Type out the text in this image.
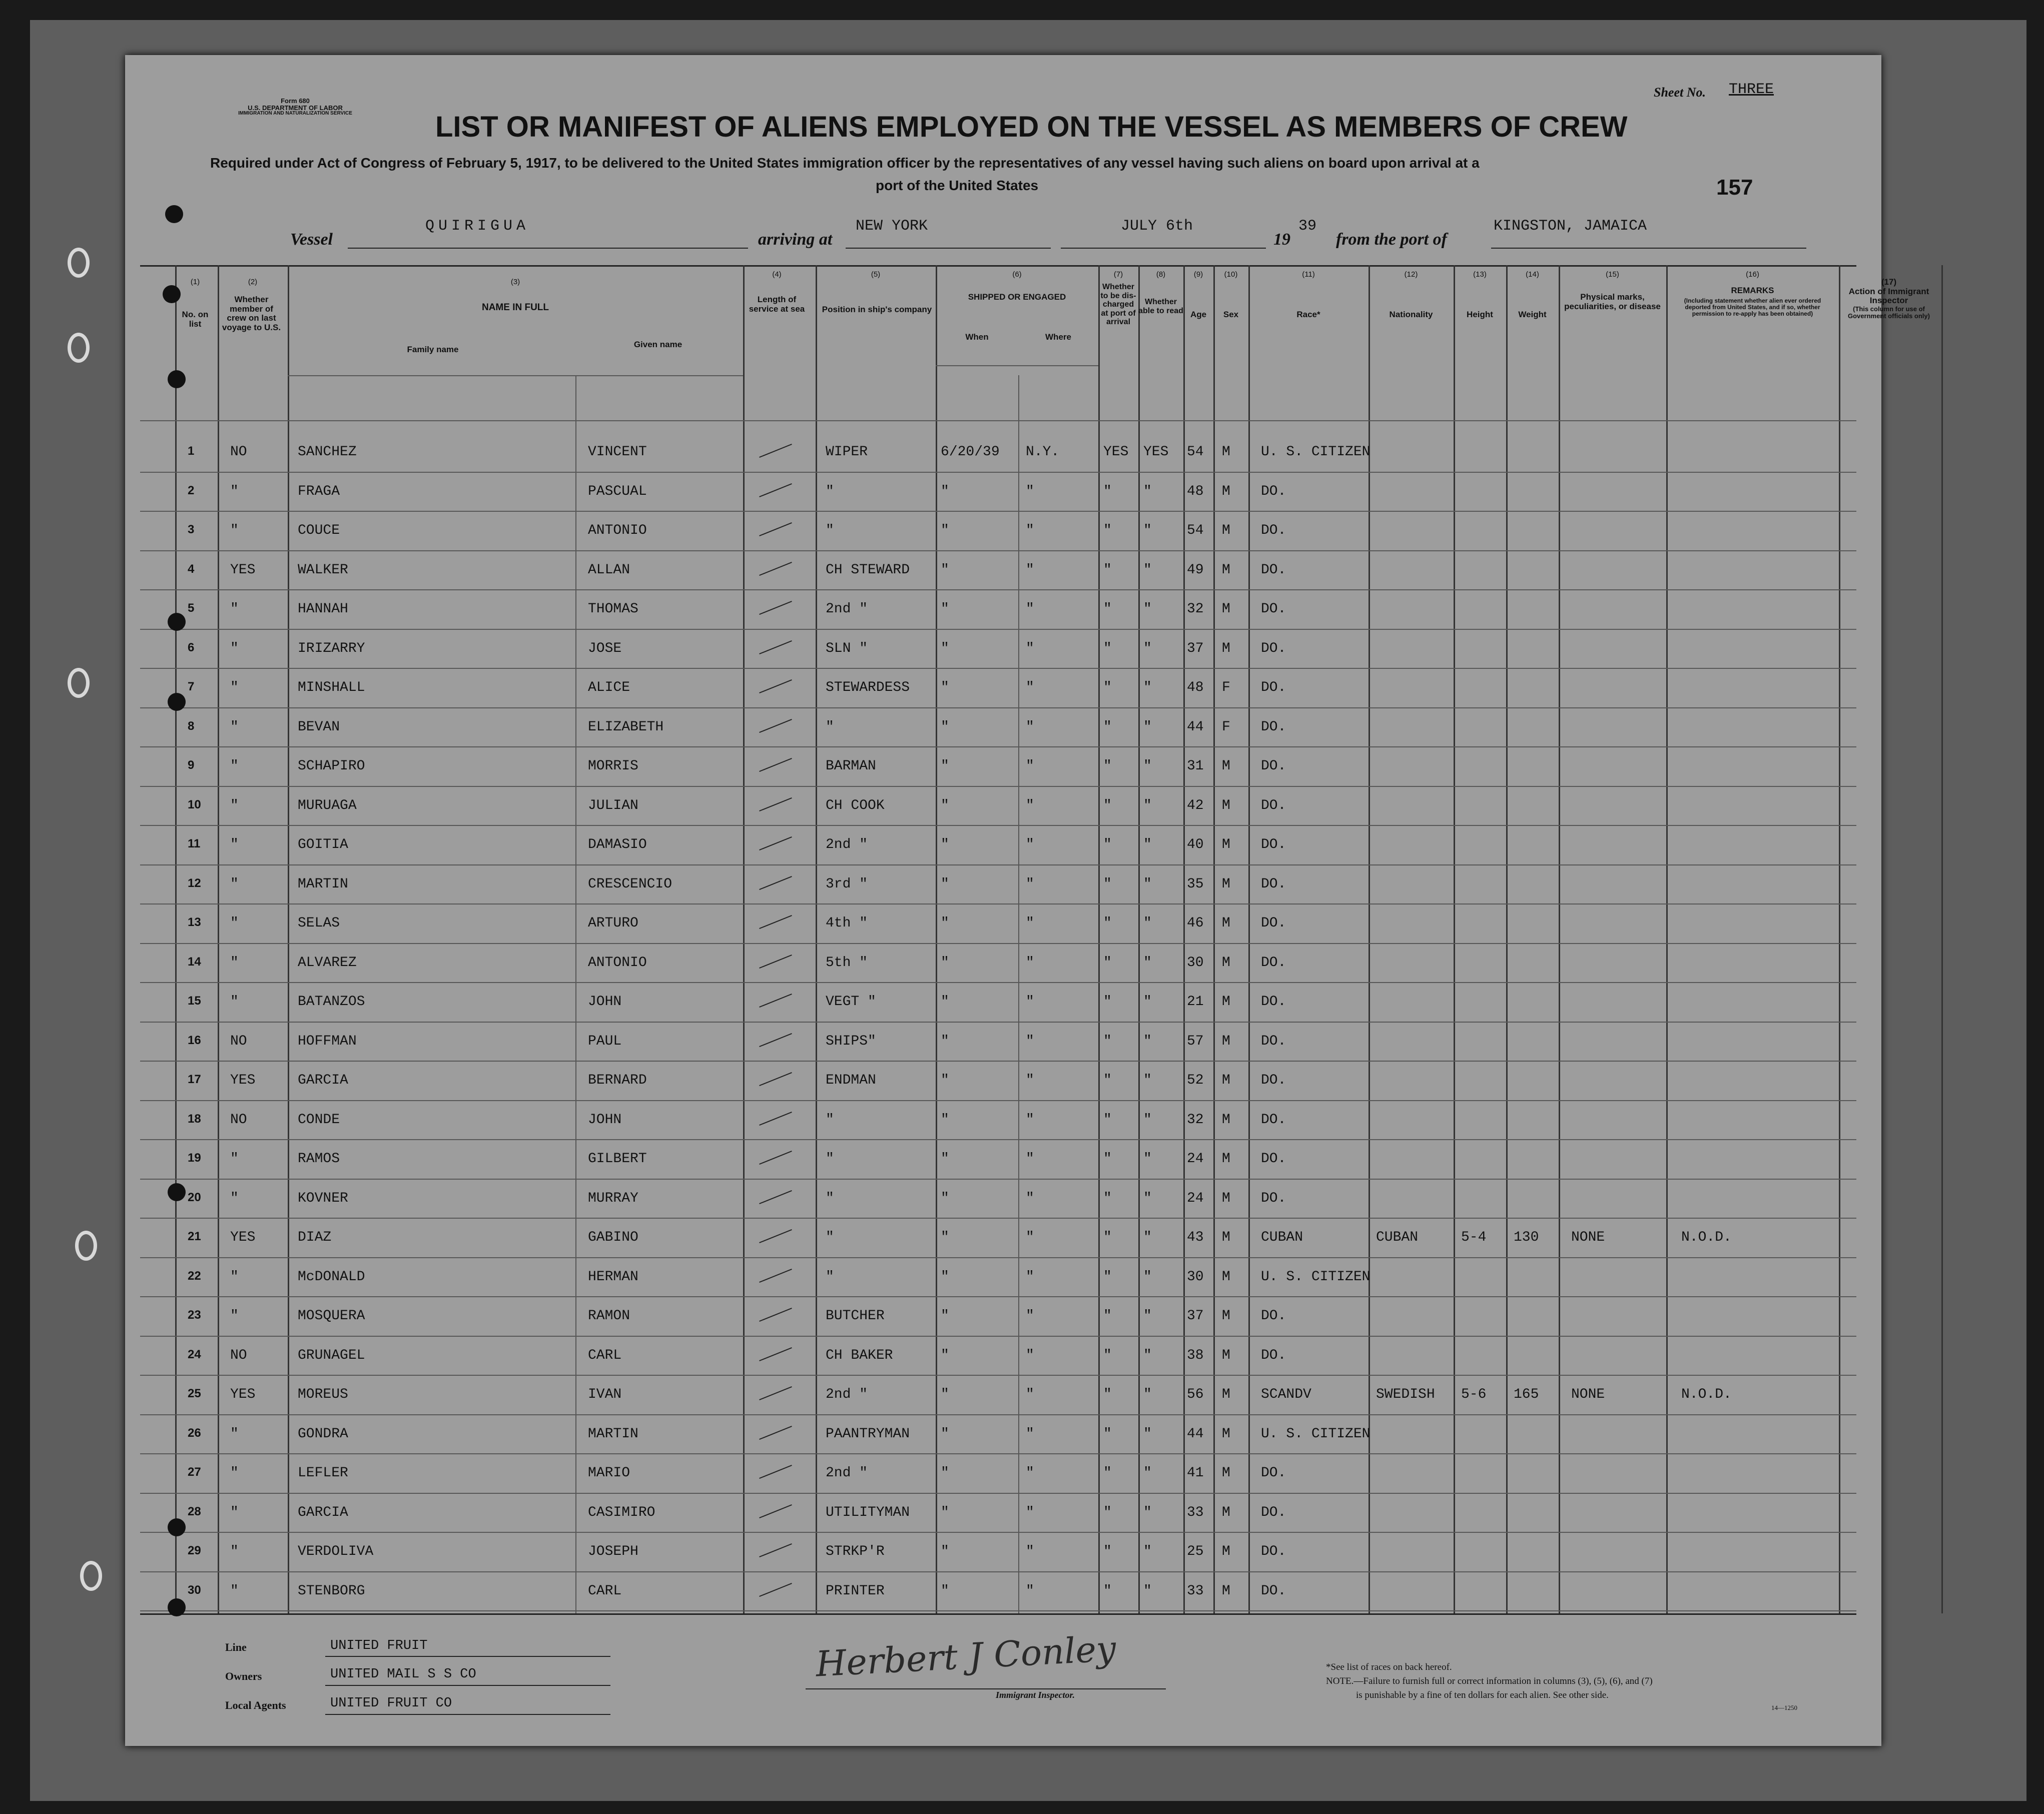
Form 680
U.S. DEPARTMENT OF LABOR
IMMIGRATION AND NATURALIZATION SERVICE
Sheet No. THREE
LIST OR MANIFEST OF ALIENS EMPLOYED ON THE VESSEL AS MEMBERS OF CREW
Required under Act of Congress of February 5, 1917, to be delivered to the United States immigration officer by the representatives of any vessel having such aliens on board upon arrival at a
port of the United States	157
Vessel
QUIRIGUA
arriving at
NEW YORK	JULY 6th
19
39
from the port of
KINGSTON, JAMAICA
(1)
No. on list
(2)
Whether member of crew on last voyage to U.S.
(3)
NAME IN FULL
Family name
Given name
(4)
Length of service at sea
(5)
Position in ship's company
(6)
SHIPPED OR ENGAGED
When	Where
(7)
Whether to be dis-charged at port of arrival
(8)
Whether able to read
(9)
Age
(10)
Sex
(11)
Race*
(12)
Nationality
(13)
Height
(14)
Weight
(15)
Physical marks, peculiarities, or disease
(16)
REMARKS
(Including statement whether alien ever ordered deported from United States, and if so, whether permission to re-apply has been obtained)
1	NO	SANCHEZ	VINCENT	WIPER	6/20/39 N.Y.	YES YES 54 M U. S. CITIZEN
2	"	FRAGA	PASCUAL	"	"	"	" "	48 M DO.
3	"	COUCE	ANTONIO	"	"	"	" "	54 M DO.
4	YES	WALKER	ALLAN	CH STEWARD "	"	" "	49 M DO.
5	"	HANNAH	THOMAS	2nd "	"	"	" "	32 M DO.
6	"	IRIZARRY	JOSE	SLN "	"	"	" "	37 M DO.
7	"	MINSHALL	ALICE	STEWARDESS "	"	" "	48 F DO.
8	"	BEVAN	ELIZABETH	"	"	"	" "	44 F DO.
9	"	SCHAPIRO	MORRIS	BARMAN	"	"	" "	31 M DO.
10 "	MURUAGA	JULIAN	CH COOK	"	"	" "	42 M DO.
11 "	GOITIA	DAMASIO	2nd "	"	"	" "	40 M DO.
12 "	MARTIN	CRESCENCIO	3rd "	"	"	" "	35 M DO.
13 "	SELAS	ARTURO	4th "	"	"	" "	46 M DO.
14 "	ALVAREZ	ANTONIO	5th "	"	"	" "	30 M DO.
15 "	BATANZOS	JOHN	VEGT "	"	"	" "	21 M DO.
16 NO	HOFFMAN	PAUL	SHIPS"	"	"	" "	57 M DO.
17 YES	GARCIA	BERNARD	ENDMAN	"	"	" "	52 M DO.
18 NO	CONDE	JOHN	"	"	"	" "	32 M DO.
19 "	RAMOS	GILBERT	"	"	"	" "	24 M DO.
20 "	KOVNER	MURRAY	"	"	"	" "	24 M DO.
21 YES	DIAZ	GABINO	"	"	"	" "	43 M CUBAN	CUBAN	5-4 130 NONE	N.O.D.
22 "	McDONALD	HERMAN	"	"	"	" "	30 M U. S. CITIZEN
23 "	MOSQUERA	RAMON	BUTCHER	"	"	" "	37 M DO.
24 NO	GRUNAGEL	CARL	CH BAKER	"	"	" "	38 M DO.
25 YES	MOREUS	IVAN	2nd "	"	"	" "	56 M SCANDV	SWEDISH 5-6 165 NONE	N.O.D.
26 "	GONDRA	MARTIN	PAANTRYMAN "	"	" "	44 M U. S. CITIZEN
27 "	LEFLER	MARIO	2nd "	"	"	" "	41 M DO.
28 "	GARCIA	CASIMIRO	UTILITYMAN "	"	" "	33 M DO.
29 "	VERDOLIVA	JOSEPH	STRKP'R	"	"	" "	25 M DO.
30 "	STENBORG	CARL	PRINTER	"	"	" "	33 M DO.
Line	UNITED FRUIT
Owners	UNITED MAIL S S CO
Local Agents	UNITED FRUIT CO
Herbert J Conley
Immigrant Inspector.
*See list of races on back hereof.
NOTE.—Failure to furnish full or correct information in columns (3), (5), (6), and (7)
is punishable by a fine of ten dollars for each alien. See other side.
14—1250
(17)
Action of Immigrant Inspector
(This column for use of Government officials only)
